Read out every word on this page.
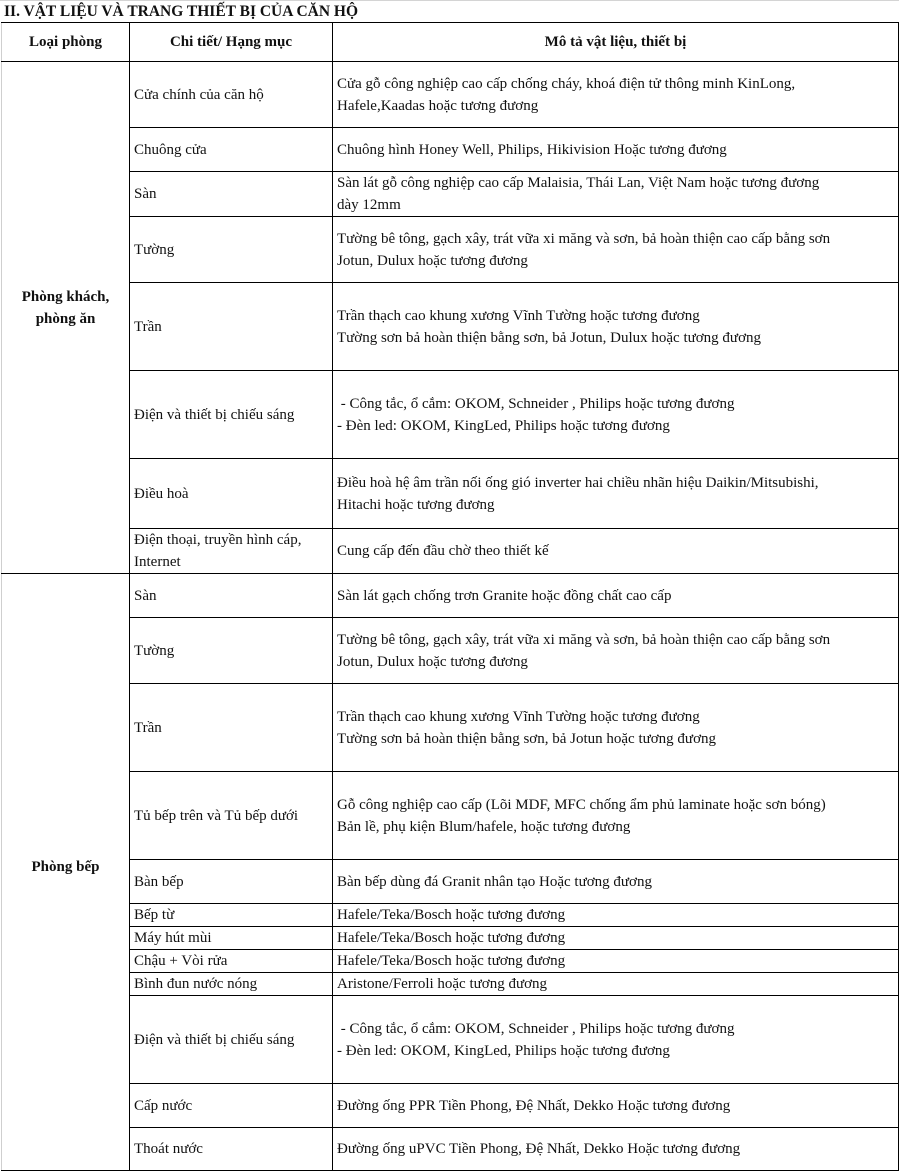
II. VẬT LIỆU VÀ TRANG THIẾT BỊ CỦA CĂN HỘ
Loại phòng	Chi tiết/ Hạng mục	Mô tả vật liệu, thiết bị

Phòng khách,
phòng ăn	Cửa chính của căn hộ	Cửa gỗ công nghiệp cao cấp chống cháy, khoá điện tử thông minh KinLong,
Hafele,Kaadas hoặc tương đương

	Chuông cửa	Chuông hình Honey Well, Philips, Hikivision Hoặc tương đương

	Sàn	Sàn lát gỗ công nghiệp cao cấp Malaisia, Thái Lan, Việt Nam hoặc tương đương
dày 12mm

	Tường	Tường bê tông, gạch xây, trát vữa xi măng và sơn, bả hoàn thiện cao cấp bằng sơn
Jotun, Dulux hoặc tương đương

	Trần	Trần thạch cao khung xương Vĩnh Tường hoặc tương đương
Tường sơn bả hoàn thiện bằng sơn, bả Jotun, Dulux hoặc tương đương

	Điện và thiết bị chiếu sáng	- Công tắc, ổ cắm: OKOM, Schneider , Philips hoặc tương đương
- Đèn led: OKOM, KingLed, Philips hoặc tương đương

	Điều hoà	Điều hoà hệ âm trần nối ống gió inverter hai chiều nhãn hiệu Daikin/Mitsubishi,
Hitachi hoặc tương đương

	Điện thoại, truyền hình cáp,
Internet	Cung cấp đến đầu chờ theo thiết kế

Phòng bếp	Sàn	Sàn lát gạch chống trơn Granite hoặc đồng chất cao cấp

	Tường	Tường bê tông, gạch xây, trát vữa xi măng và sơn, bả hoàn thiện cao cấp bằng sơn
Jotun, Dulux hoặc tương đương

	Trần	Trần thạch cao khung xương Vĩnh Tường hoặc tương đương
Tường sơn bả hoàn thiện bằng sơn, bả Jotun hoặc tương đương

	Tủ bếp trên và Tủ bếp dưới	Gỗ công nghiệp cao cấp (Lõi MDF, MFC chống ẩm phủ laminate hoặc sơn bóng)
Bản lề, phụ kiện Blum/hafele, hoặc tương đương

	Bàn bếp	Bàn bếp dùng đá Granit nhân tạo Hoặc tương đương

	Bếp từ	Hafele/Teka/Bosch hoặc tương đương

	Máy hút mùi	Hafele/Teka/Bosch hoặc tương đương

	Chậu + Vòi rửa	Hafele/Teka/Bosch hoặc tương đương

	Bình đun nước nóng	Aristone/Ferroli hoặc tương đương

	Điện và thiết bị chiếu sáng	- Công tắc, ổ cắm: OKOM, Schneider , Philips hoặc tương đương
- Đèn led: OKOM, KingLed, Philips hoặc tương đương

	Cấp nước	Đường ống PPR Tiền Phong, Đệ Nhất, Dekko Hoặc tương đương

	Thoát nước	Đường ống uPVC Tiền Phong, Đệ Nhất, Dekko Hoặc tương đương
